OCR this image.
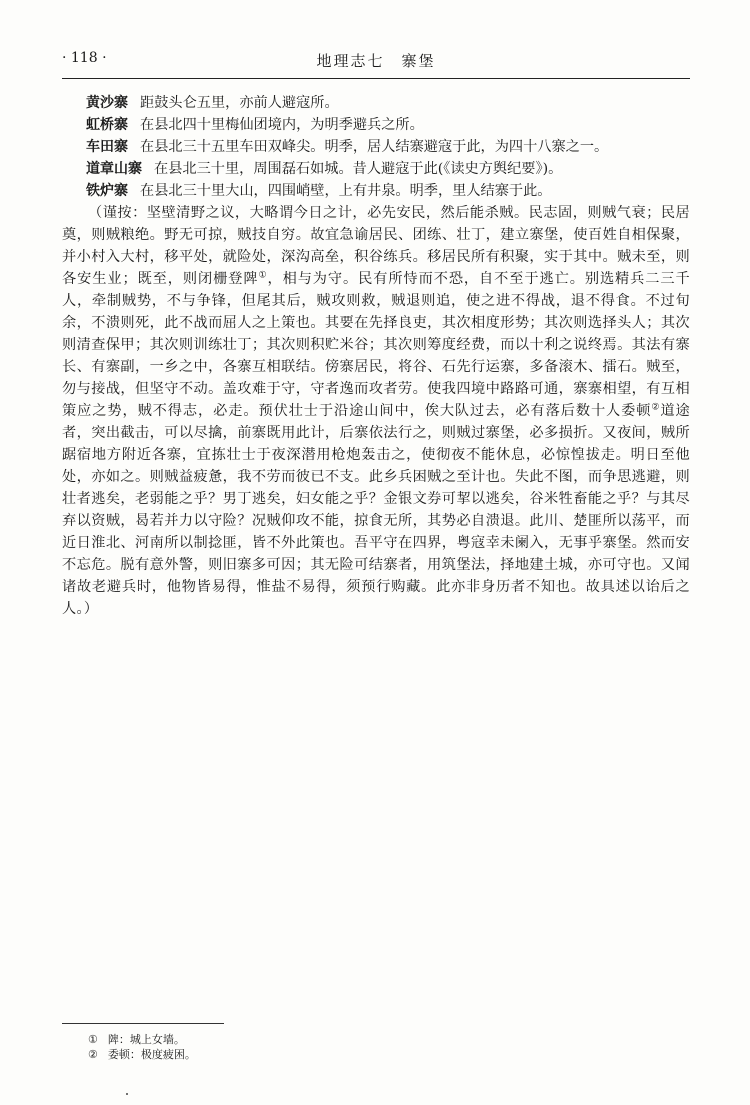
· 118 ·	地理志七　寨堡

黄沙寨 距鼓头仑五里，亦前人避寇所。

虹桥寨 在县北四十里梅仙团境内，为明季避兵之所。

车田寨 在县北三十五里车田双峰尖。明季，居人结寨避寇于此，为四十八寨之一。

道章山寨 在县北三十里，周围磊石如城。昔人避寇于此(《读史方舆纪要》)。

铁炉寨 在县北三十里大山，四围峭壁，上有井泉。明季，里人结寨于此。

（谨按：坚壁清野之议，大略谓今日之计，必先安民，然后能杀贼。民志固，则贼气衰；民居奠，则贼粮绝。野无可掠，贼技自穷。故宜急谕居民、团练、壮丁，建立寨堡，使百姓自相保聚，并小村入大村，移平处，就险处，深沟高垒，积谷练兵。移居民所有积聚，实于其中。贼未至，则各安生业；既至，则闭栅登陴①，相与为守。民有所恃而不恐，自不至于逃亡。别选精兵二三千人，牵制贼势，不与争锋，但尾其后，贼攻则救，贼退则追，使之进不得战，退不得食。不过旬余，不溃则死，此不战而屈人之上策也。其要在先择良吏，其次相度形势；其次则选择头人；其次则清查保甲；其次则训练壮丁；其次则积贮米谷；其次则筹度经费，而以十利之说终焉。其法有寨长、有寨副，一乡之中，各寨互相联结。傍寨居民，将谷、石先行运寨，多备滚木、擂石。贼至，勿与接战，但坚守不动。盖攻难于守，守者逸而攻者劳。使我四境中路路可通，寨寨相望，有互相策应之势，贼不得志，必走。预伏壮士于沿途山间中，俟大队过去，必有落后数十人委顿②道途者，突出截击，可以尽擒，前寨既用此计，后寨依法行之，则贼过寨堡，必多损折。又夜间，贼所踞宿地方附近各寨，宜拣壮士于夜深潜用枪炮轰击之，使彻夜不能休息，必惊惶拔走。明日至他处，亦如之。则贼益疲惫，我不劳而彼已不支。此乡兵困贼之至计也。失此不图，而争思逃避，则壮者逃矣，老弱能之乎？男丁逃矣，妇女能之乎？金银文券可挈以逃矣，谷米牲畜能之乎？与其尽弃以资贼，曷若并力以守险？况贼仰攻不能，掠食无所，其势必自溃退。此川、楚匪所以荡平，而近日淮北、河南所以制捻匪，皆不外此策也。吾平守在四界，粤寇幸未阑入，无事乎寨堡。然而安不忘危。脱有意外警，则旧寨多可因；其无险可结寨者，用筑堡法，择地建土城，亦可守也。又闻诸故老避兵时，他物皆易得，惟盐不易得，须预行购藏。此亦非身历者不知也。故具述以诒后之人。）

① 陴：城上女墙。

② 委顿：极度疲困。
